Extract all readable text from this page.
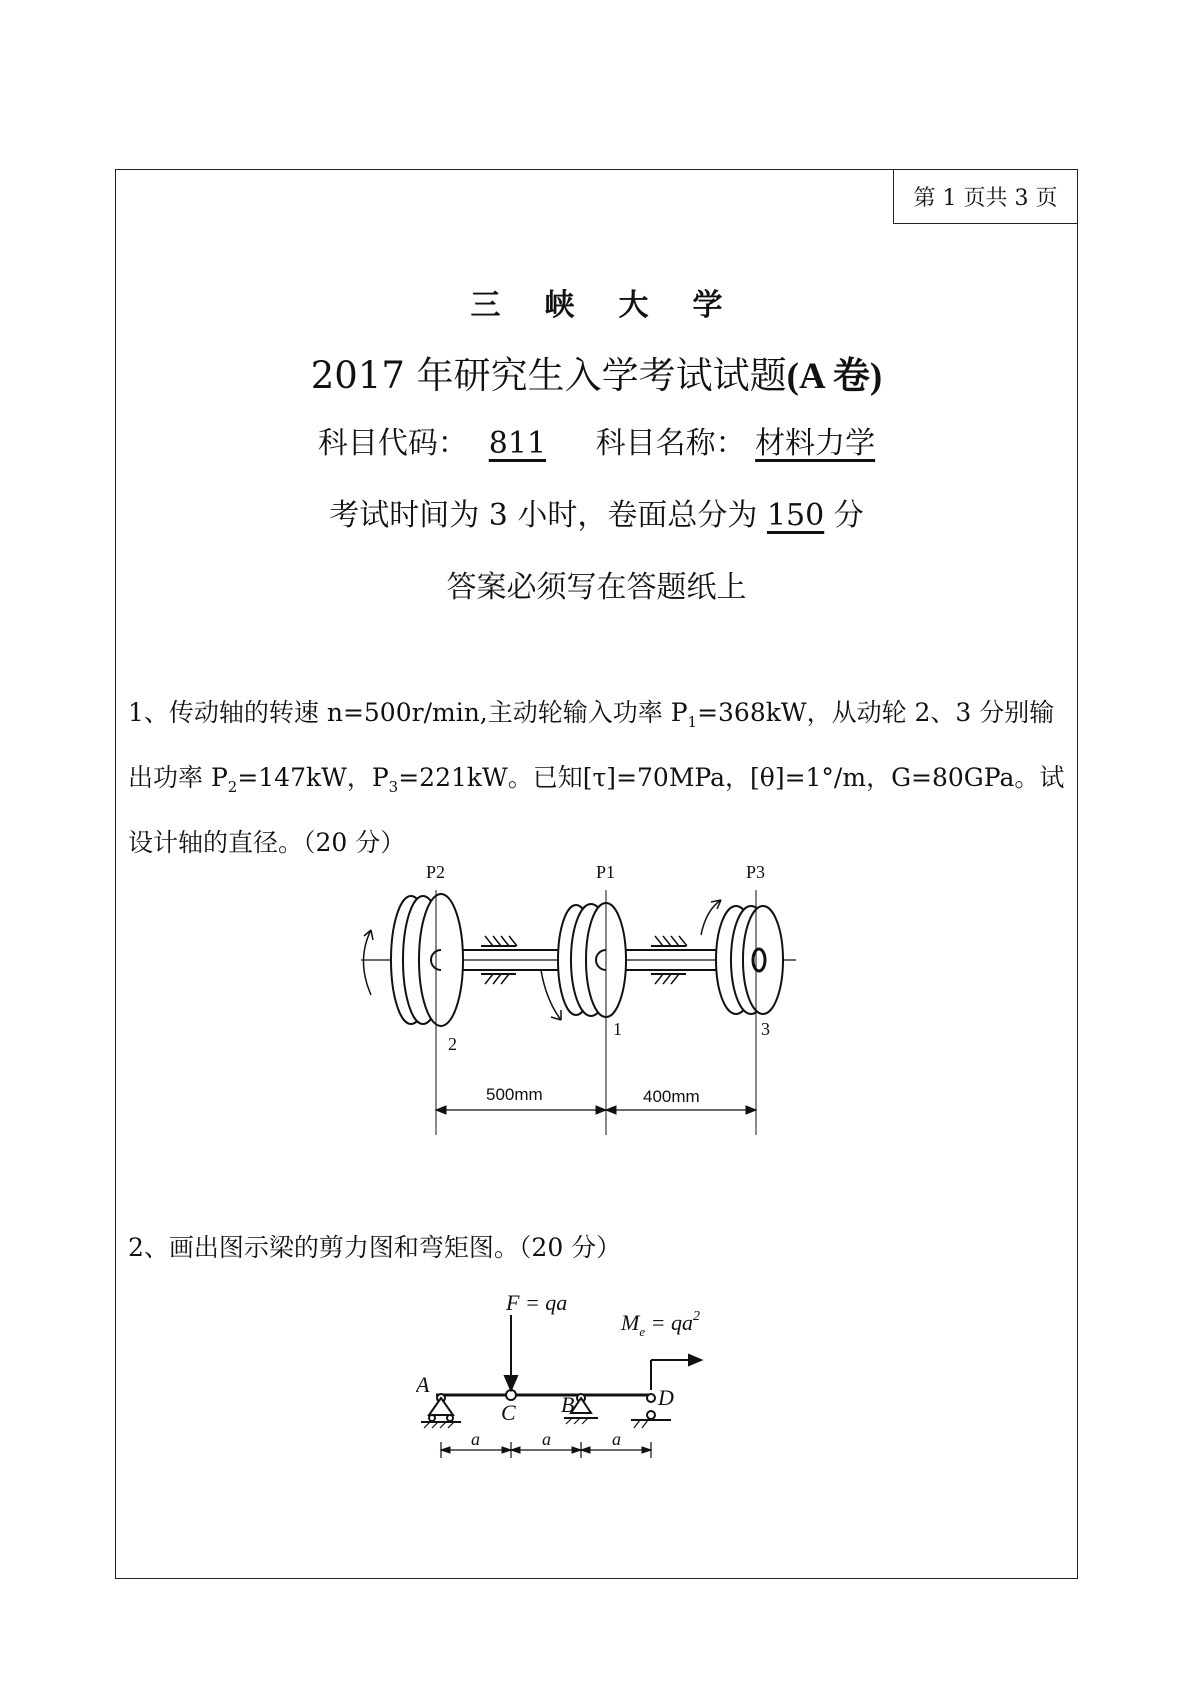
第 1 页共 3 页
三 峡 大 学
2017 年研究生入学考试试题(A 卷)
科目代码： 811 科目名称： 材料力学
考试时间为 3 小时，卷面总分为 150 分
答案必须写在答题纸上
1、传动轴的转速 n=500r/min,主动轮输入功率 $P_1=368kW$，从动轮 2、3 分别输出功率 $P_2=147kW$，$P_3=221kW$。已知[τ]=70MPa，[θ]=1°/m，G=80GPa。试设计轴的直径。（20 分）
P2	P1	P3
2
1	3
500mm	400mm
2、画出图示梁的剪力图和弯矩图。（20 分）
F = qa
$M_e = qa^2$
A
C B	D
a	a	a
